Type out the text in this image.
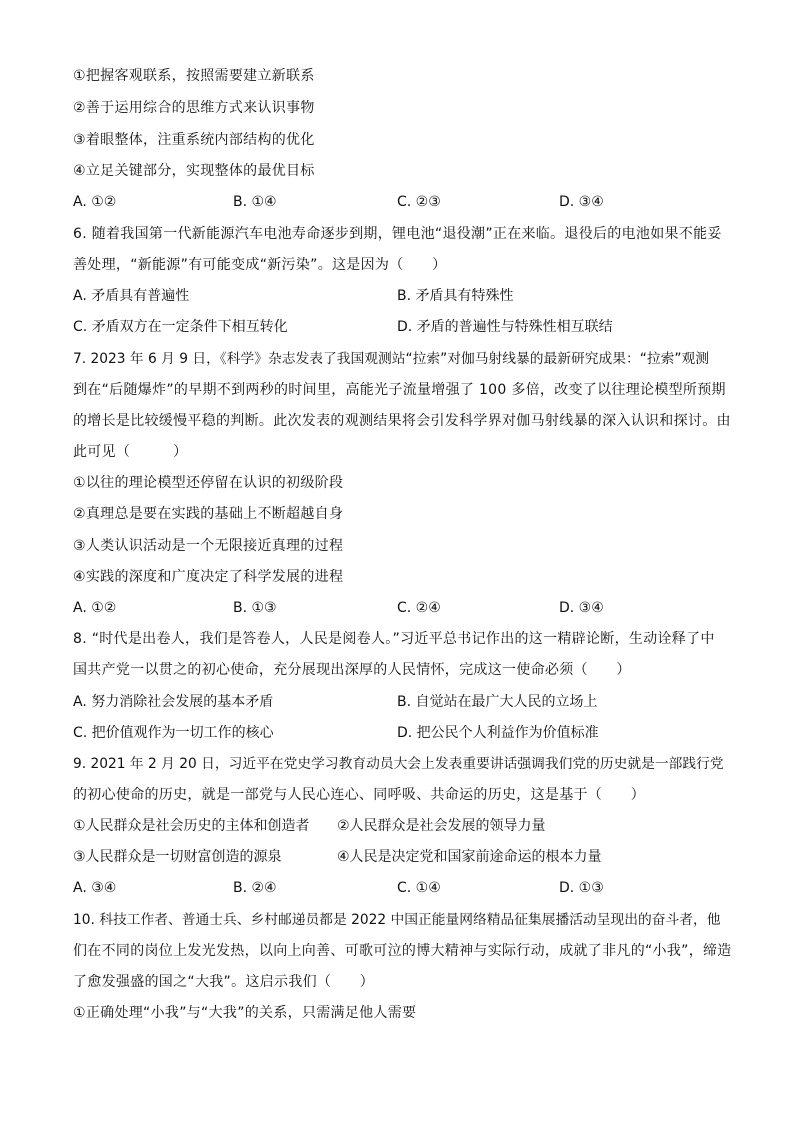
①把握客观联系，按照需要建立新联系
②善于运用综合的思维方式来认识事物
③着眼整体，注重系统内部结构的优化
④立足关键部分，实现整体的最优目标
A. ①②	B. ①④	C. ②③	D. ③④
6. 随着我国第一代新能源汽车电池寿命逐步到期，锂电池“退役潮”正在来临。退役后的电池如果不能妥
善处理，“新能源”有可能变成“新污染”。这是因为（　　）
A. 矛盾具有普遍性	B. 矛盾具有特殊性
C. 矛盾双方在一定条件下相互转化	D. 矛盾的普遍性与特殊性相互联结
7. 2023 年 6 月 9 日，《科学》杂志发表了我国观测站“拉索”对伽马射线暴的最新研究成果：“拉索”观测
到在“后随爆炸”的早期不到两秒的时间里，高能光子流量增强了 100 多倍，改变了以往理论模型所预期
的增长是比较缓慢平稳的判断。此次发表的观测结果将会引发科学界对伽马射线暴的深入认识和探讨。由
此可见（　　　）
①以往的理论模型还停留在认识的初级阶段
②真理总是要在实践的基础上不断超越自身
③人类认识活动是一个无限接近真理的过程
④实践的深度和广度决定了科学发展的进程
A. ①②	B. ①③	C. ②④	D. ③④
8. “时代是出卷人，我们是答卷人，人民是阅卷人。”习近平总书记作出的这一精辟论断，生动诠释了中
国共产党一以贯之的初心使命，充分展现出深厚的人民情怀，完成这一使命必须（　　）
A. 努力消除社会发展的基本矛盾	B. 自觉站在最广大人民的立场上
C. 把价值观作为一切工作的核心	D. 把公民个人利益作为价值标准
9. 2021 年 2 月 20 日，习近平在党史学习教育动员大会上发表重要讲话强调我们党的历史就是一部践行党
的初心使命的历史，就是一部党与人民心连心、同呼吸、共命运的历史，这是基于（　　）
①人民群众是社会历史的主体和创造者 ②人民群众是社会发展的领导力量
③人民群众是一切财富创造的源泉	④人民是决定党和国家前途命运的根本力量
A. ③④	B. ②④	C. ①④	D. ①③
10. 科技工作者、普通士兵、乡村邮递员都是 2022 中国正能量网络精品征集展播活动呈现出的奋斗者，他
们在不同的岗位上发光发热，以向上向善、可歌可泣的博大精神与实际行动，成就了非凡的“小我”，缔造
了愈发强盛的国之“大我”。这启示我们（　　）
①正确处理“小我”与“大我”的关系，只需满足他人需要
